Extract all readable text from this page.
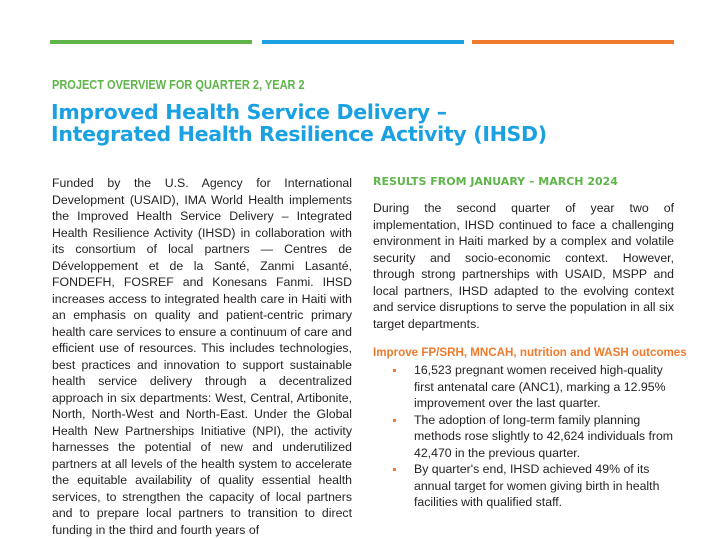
PROJECT OVERVIEW FOR QUARTER 2, YEAR 2
Improved Health Service Delivery –
Integrated Health Resilience Activity (IHSD)

Funded by the U.S. Agency for International Development (USAID), IMA World Health implements the Improved Health Service Delivery – Integrated Health Resilience Activity (IHSD) in collaboration with its consortium of local partners — Centres de Développement et de la Santé, Zanmi Lasanté, FONDEFH, FOSREF and Konesans Fanmi. IHSD increases access to integrated health care in Haiti with an emphasis on quality and patient-centric primary health care services to ensure a continuum of care and efficient use of resources. This includes technologies, best practices and innovation to support sustainable health service delivery through a decentralized approach in six departments: West, Central, Artibonite, North, North-West and North-East. Under the Global Health New Partnerships Initiative (NPI), the activity harnesses the potential of new and underutilized partners at all levels of the health system to accelerate the equitable availability of quality essential health services, to strengthen the capacity of local partners and to prepare local partners to transition to direct funding in the third and fourth years of

RESULTS FROM JANUARY – MARCH 2024

During the second quarter of year two of implementation, IHSD continued to face a challenging environment in Haiti marked by a complex and volatile security and socio-economic context. However, through strong partnerships with USAID, MSPP and local partners, IHSD adapted to the evolving context and service disruptions to serve the population in all six target departments.

Improve FP/SRH, MNCAH, nutrition and WASH outcomes
16,523 pregnant women received high-quality first antenatal care (ANC1), marking a 12.95% improvement over the last quarter.
The adoption of long-term family planning methods rose slightly to 42,624 individuals from 42,470 in the previous quarter.
By quarter's end, IHSD achieved 49% of its annual target for women giving birth in health facilities with qualified staff.
